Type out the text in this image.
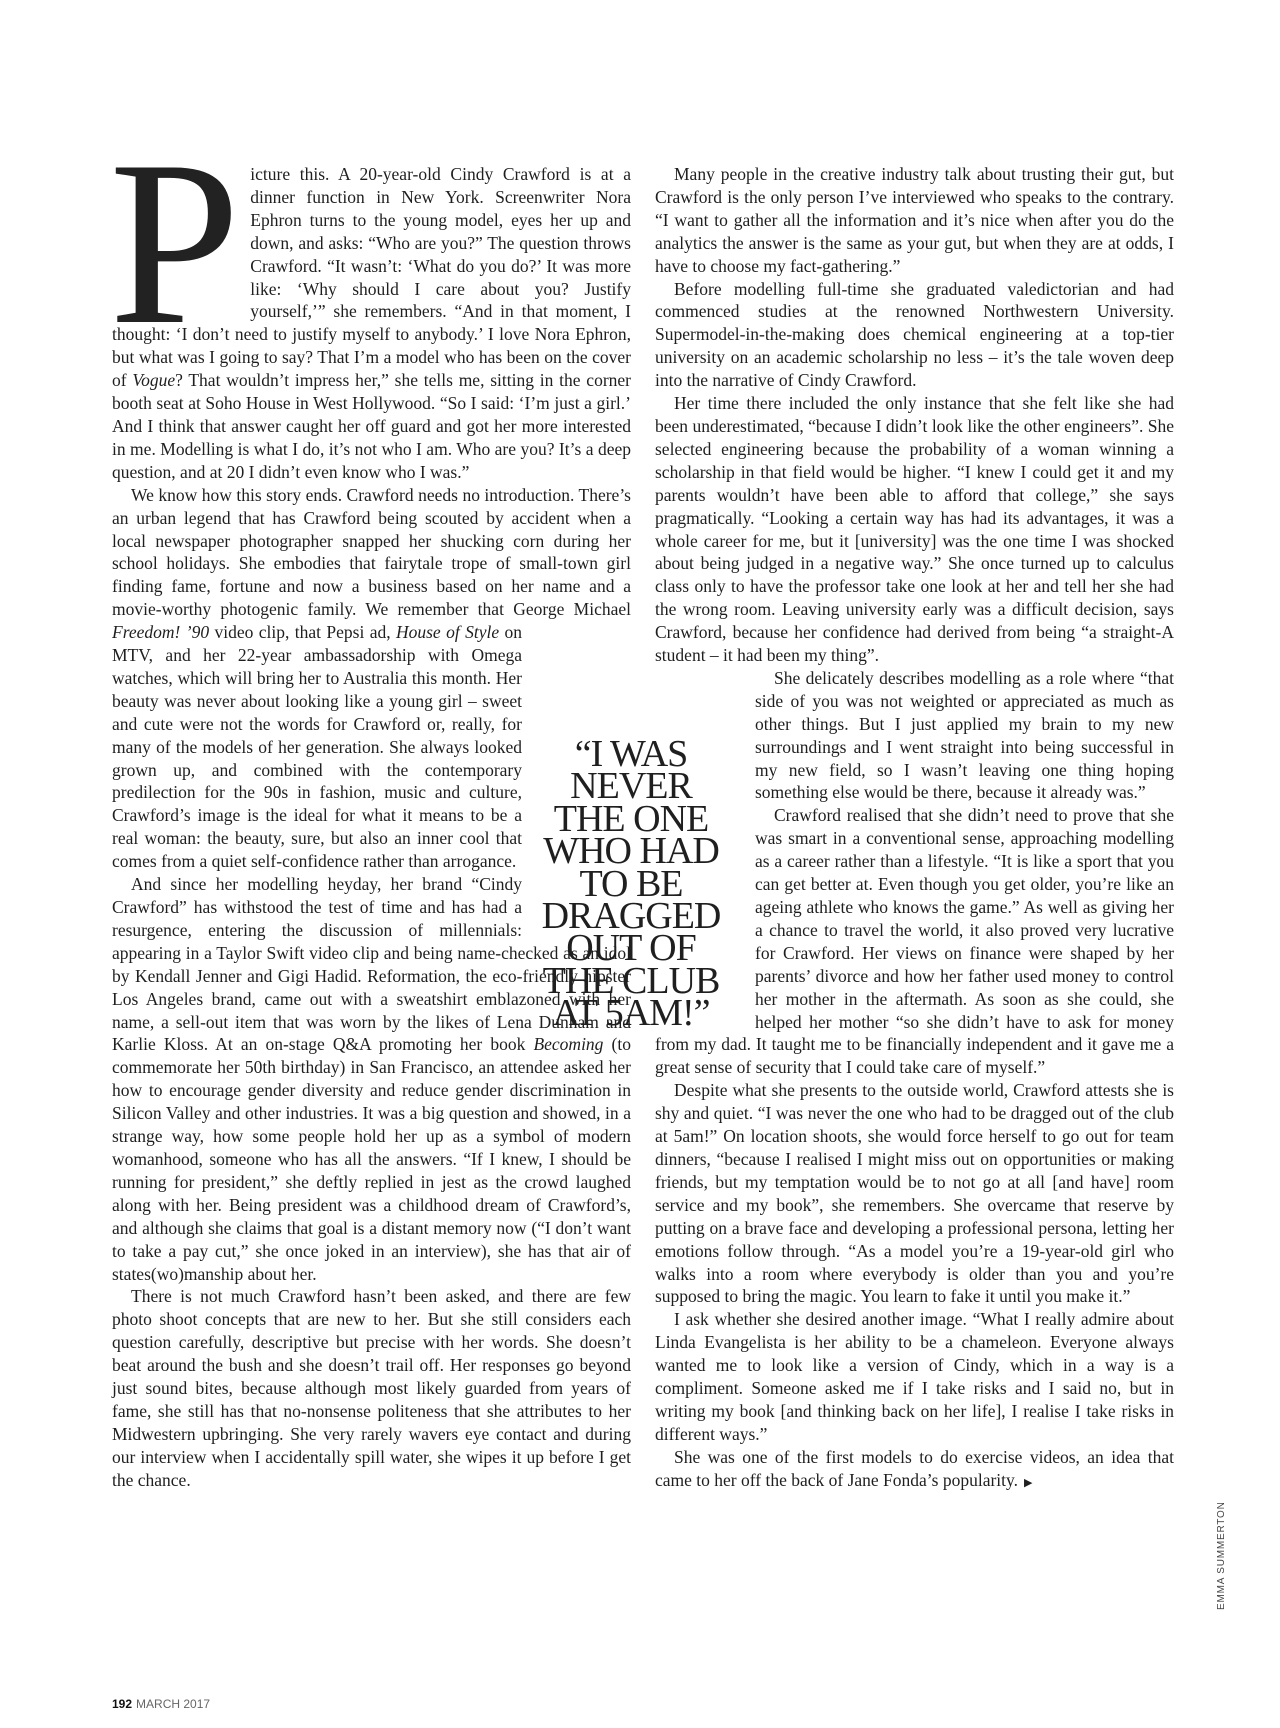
Picture this. A 20-year-old Cindy Crawford is at a dinner function in New York. Screenwriter Nora Ephron turns to the young model, eyes her up and down, and asks: “Who are you?” The question throws Crawford. “It wasn’t: ‘What do you do?’ It was more like: ‘Why should I care about you? Justify yourself,’” she remembers. “And in that moment, I thought: ‘I don’t need to justify myself to anybody.’ I love Nora Ephron, but what was I going to say? That I’m a model who has been on the cover of Vogue? That wouldn’t impress her,” she tells me, sitting in the corner booth seat at Soho House in West Hollywood. “So I said: ‘I’m just a girl.’ And I think that answer caught her off guard and got her more interested in me. Modelling is what I do, it’s not who I am. Who are you? It’s a deep question, and at 20 I didn’t even know who I was.”

We know how this story ends. Crawford needs no introduction. There’s an urban legend that has Crawford being scouted by accident when a local newspaper photographer snapped her shucking corn during her school holidays. She embodies that fairytale trope of small-town girl finding fame, fortune and now a business based on her name and a movie-worthy photogenic family. We remember that George Michael Freedom! ’90 video clip, that Pepsi ad, House of Style
on MTV, and her 22-year ambassadorship with Omega watches, which will bring her to Australia this month. Her beauty was never about looking like a young girl – sweet and cute were not the words for Crawford or, really, for many of the models of her generation. She always looked grown up, and combined with the contemporary predilection for the 90s in fashion, music and culture, Crawford’s image is the ideal for what it means to be a real woman: the beauty, sure, but also an inner cool that comes from a quiet self-confidence rather than arrogance.

And since her modelling heyday, her brand “Cindy Crawford” has withstood the test of time and has had a resurgence, entering the discussion of millennials: appearing in a Taylor Swift video clip and being name-checked as an idol by Kendall Jenner and Gigi Hadid. Reformation, the eco-friendly hipster Los Angeles brand, came out with a sweatshirt emblazoned with her name, a sell-out item that was worn by the likes of Lena Dunham and Karlie Kloss. At an on-stage Q&A promoting her book Becoming (to commemorate her 50th birthday) in San Francisco, an attendee asked her how to encourage gender diversity and reduce gender discrimination in Silicon Valley and other industries. It was a big question and showed, in a strange way, how some people hold her up as a symbol of modern womanhood, someone who has all the answers. “If I knew, I should be running for president,” she deftly replied in jest as the crowd laughed along with her. Being president was a childhood dream of Crawford’s, and although she claims that goal is a distant memory now (“I don’t want to take a pay cut,” she once joked in an interview), she has that air of states(wo)manship about her.

There is not much Crawford hasn’t been asked, and there are few photo shoot concepts that are new to her. But she still considers each question carefully, descriptive but precise with her words. She doesn’t beat around the bush and she doesn’t trail off. Her responses go beyond just sound bites, because although most likely guarded from years of fame, she still has that no-nonsense politeness that she attributes to her Midwestern upbringing. She very rarely wavers eye contact and during our interview when I accidentally spill water, she wipes it up before I get the chance.

“I WAS
NEVER
THE ONE
WHO HAD
TO BE
DRAGGED
OUT OF
THE CLUB
AT 5AM!”

Many people in the creative industry talk about trusting their gut, but Crawford is the only person I’ve interviewed who speaks to the contrary. “I want to gather all the information and it’s nice when after you do the analytics the answer is the same as your gut, but when they are at odds, I have to choose my fact-gathering.”

Before modelling full-time she graduated valedictorian and had commenced studies at the renowned Northwestern University. Supermodel-in-the-making does chemical engineering at a top-tier university on an academic scholarship no less – it’s the tale woven deep into the narrative of Cindy Crawford.

Her time there included the only instance that she felt like she had been underestimated, “because I didn’t look like the other engineers”. She selected engineering because the probability of a woman winning a scholarship in that field would be higher. “I knew I could get it and my parents wouldn’t have been able to afford that college,” she says pragmatically. “Looking a certain way has had its advantages, it was a whole career for me, but it [university] was the one time I was shocked about being judged in a negative way.” She once turned up to calculus class only to have the professor take one look at her and tell her she had the wrong room. Leaving university early was a difficult decision, says Crawford, because her confidence had derived from being “a straight-A student – it had been my thing”.

She delicately describes modelling as a role where “that side of you was not weighted or appreciated as much as other things. But I just applied my brain to my new surroundings and I went straight into being successful in my new field, so I wasn’t leaving one thing hoping something else would be there, because it already was.”

Crawford realised that she didn’t need to prove that she was smart in a conventional sense, approaching modelling as a career rather than a lifestyle. “It is like a sport that you can get better at. Even though you get older, you’re like an ageing athlete who knows the game.” As well as giving her a chance to travel the world, it also proved very lucrative for Crawford. Her views on finance were shaped by her parents’ divorce and how her father used money to control her mother in the aftermath. As soon as she could, she helped her mother “so she didn’t have to ask for money from my dad. It taught me to be financially independent and it gave me a great sense of security that I could take care of myself.”

Despite what she presents to the outside world, Crawford attests she is shy and quiet. “I was never the one who had to be dragged out of the club at 5am!” On location shoots, she would force herself to go out for team dinners, “because I realised I might miss out on opportunities or making friends, but my temptation would be to not go at all [and have] room service and my book”, she remembers. She overcame that reserve by putting on a brave face and developing a professional persona, letting her emotions follow through. “As a model you’re a 19-year-old girl who walks into a room where everybody is older than you and you’re supposed to bring the magic. You learn to fake it until you make it.”

I ask whether she desired another image. “What I really admire about Linda Evangelista is her ability to be a chameleon. Everyone always wanted me to look like a version of Cindy, which in a way is a compliment. Someone asked me if I take risks and I said no, but in writing my book [and thinking back on her life], I realise I take risks in different ways.”

She was one of the first models to do exercise videos, an idea that came to her off the back of Jane Fonda’s popularity. ▶

192 MARCH 2017
EMMA SUMMERTON
